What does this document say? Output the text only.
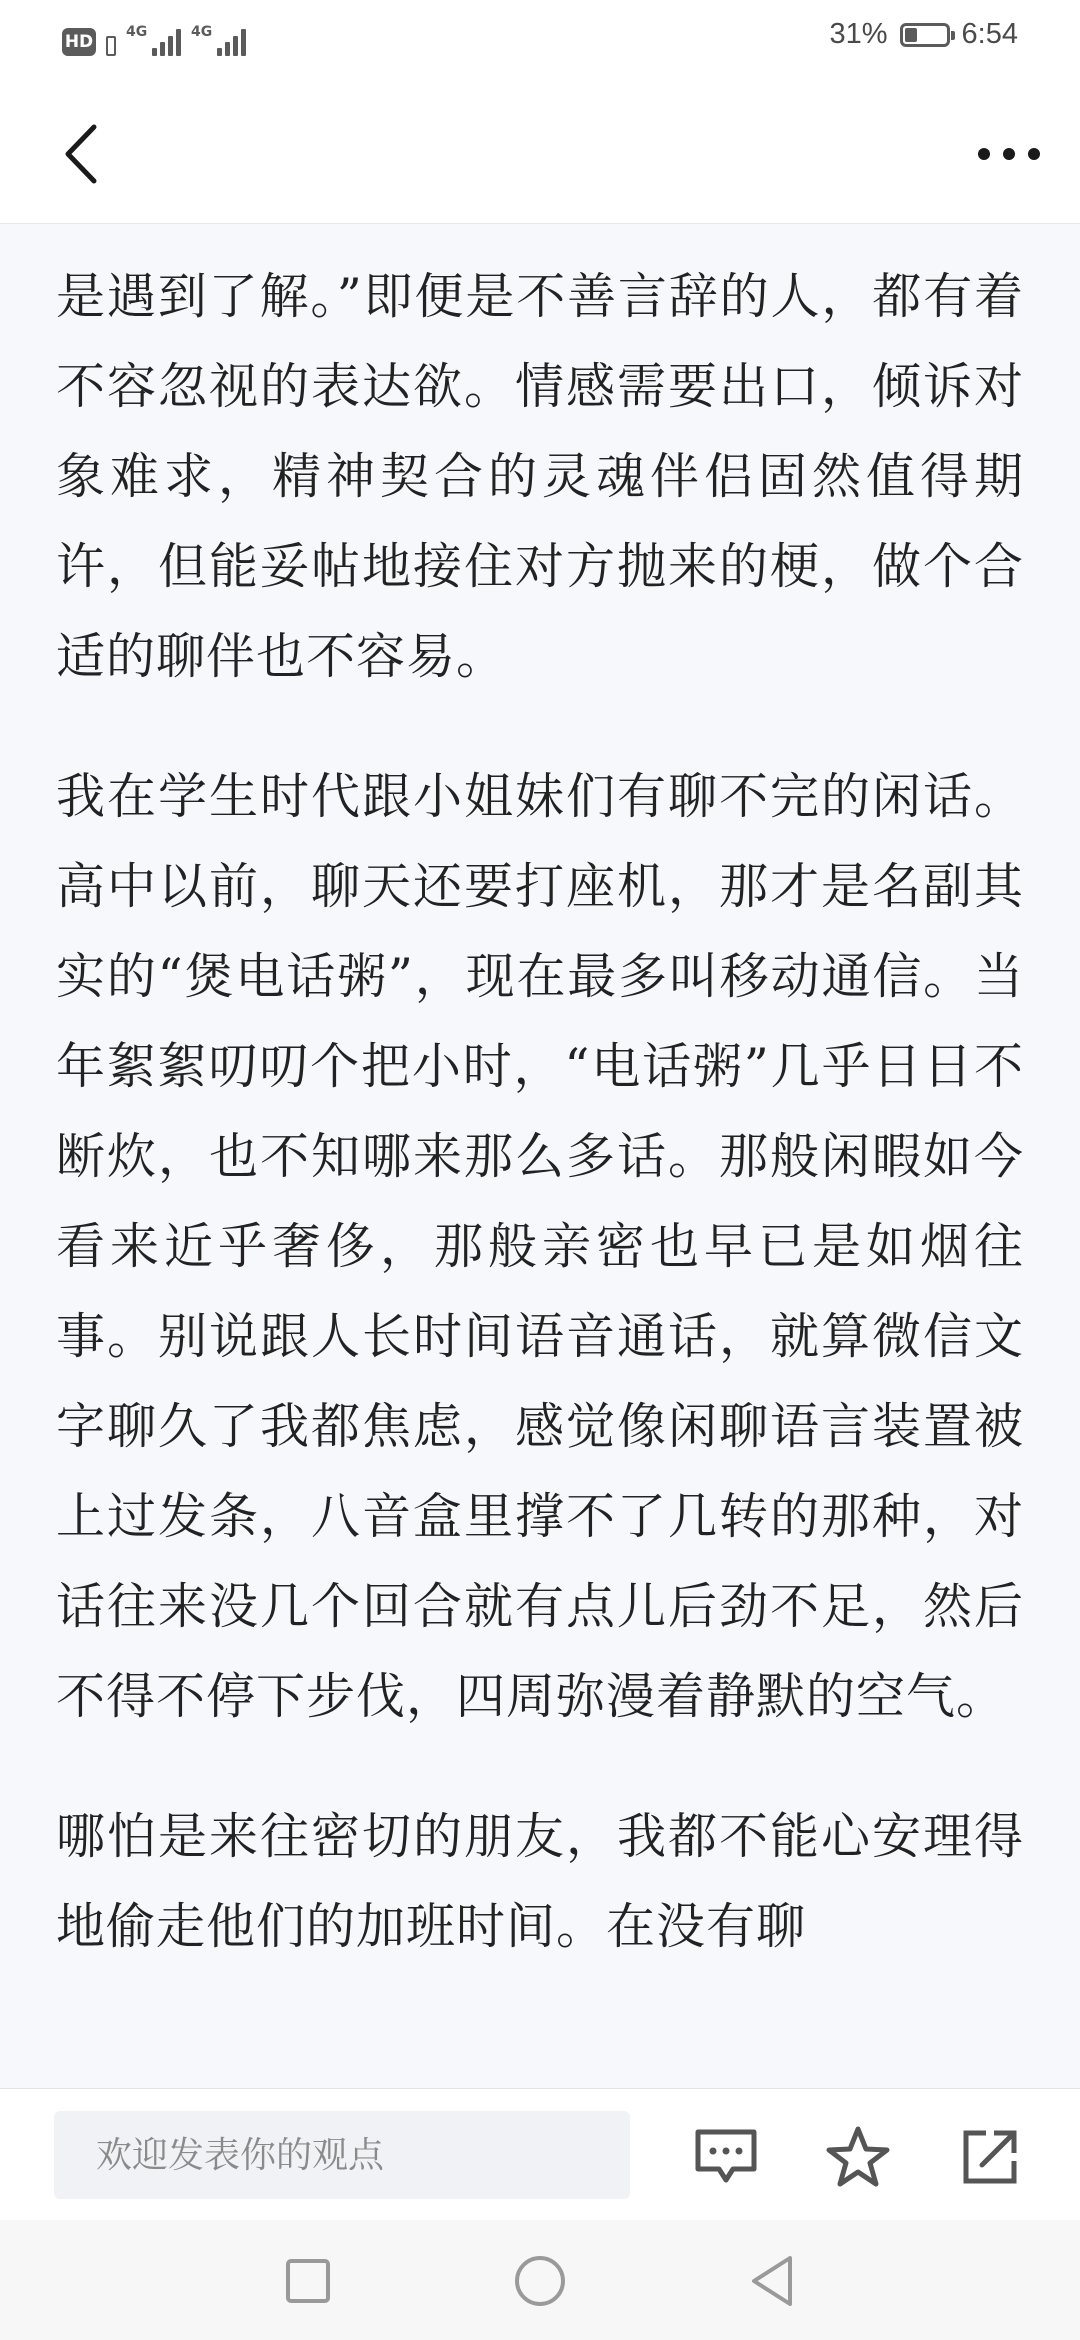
HD 4G	4G	31%	6:54

是遇到了解。”即便是不善言辞的人，都有着不容忽视的表达欲。情感需要出口，倾诉对象难求，精神契合的灵魂伴侣固然值得期许，但能妥帖地接住对方抛来的梗，做个合适的聊伴也不容易。

我在学生时代跟小姐妹们有聊不完的闲话。高中以前，聊天还要打座机，那才是名副其实的“煲电话粥”，现在最多叫移动通信。当年絮絮叨叨个把小时，“电话粥”几乎日日不断炊，也不知哪来那么多话。那般闲暇如今看来近乎奢侈，那般亲密也早已是如烟往事。别说跟人长时间语音通话，就算微信文字聊久了我都焦虑，感觉像闲聊语言装置被上过发条，八音盒里撑不了几转的那种，对话往来没几个回合就有点儿后劲不足，然后不得不停下步伐，四周弥漫着静默的空气。

哪怕是来往密切的朋友，我都不能心安理得地偷走他们的加班时间。在没有聊

欢迎发表你的观点
